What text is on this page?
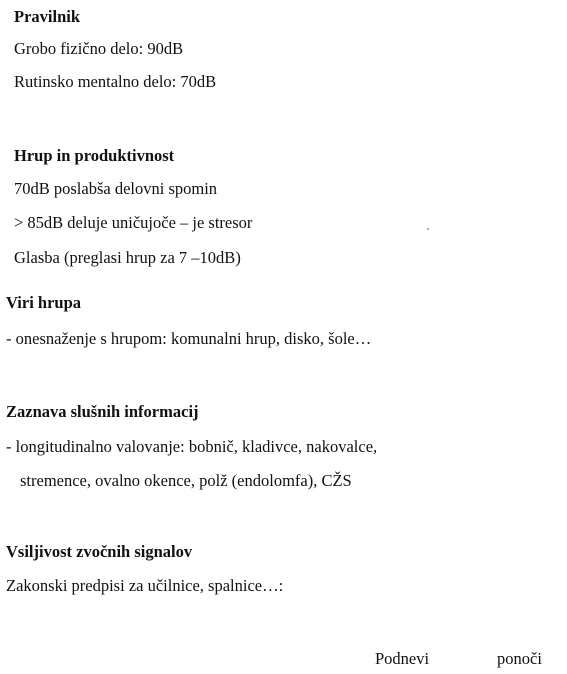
Pravilnik
Grobo fizično delo: 90dB
Rutinsko mentalno delo: 70dB
Hrup in produktivnost
70dB poslabša delovni spomin
> 85dB deluje uničujoče – je stresor
Glasba (preglasi hrup za 7 –10dB)
Viri hrupa
- onesnaženje s hrupom: komunalni hrup, disko, šole…
Zaznava slušnih informacij
- longitudinalno valovanje: bobnič, kladivce, nakovalce,
stremence, ovalno okence, polž (endolomfa), CŽS
Vsiljivost zvočnih signalov
Zakonski predpisi za učilnice, spalnice…:
Podnevi	ponoči
